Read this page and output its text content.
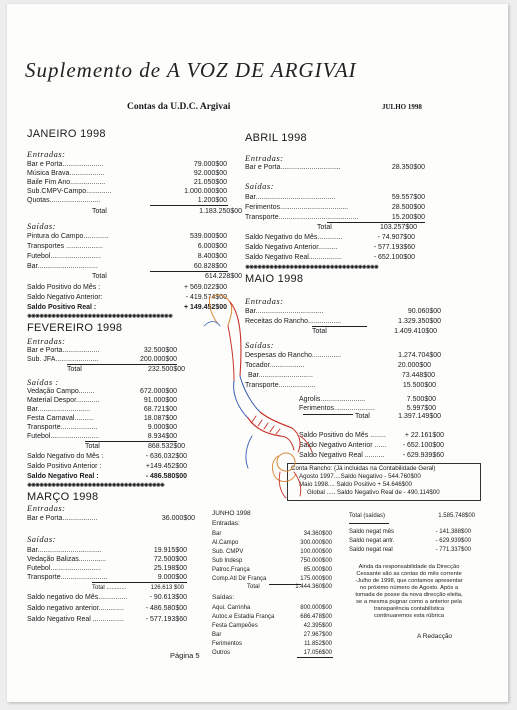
Suplemento de A VOZ DE ARGIVAI
Contas da U.D.C. Argivai	JULHO 1998
JANEIRO 1998
Entradas:
Bar e Porta.....................	79.000$00
Música Brava..................	92.000$00
Baile Fim Ano..................	21.050$00
Sub.CMPV-Campo.............	1.000.000$00
Quotas..........................	1.200$00
Total	1.183.250$00
Saídas:
Pintura do Campo.............	539.000$00
Transportes ...................	6.000$00
Futebol..........................	8.400$00
Bar...............................	60.828$00
Total	614.228$00
Saldo Positivo do Mês :	+ 569.022$00
Saldo Negativo Anterior:	- 419.574$00
Saldo Positivo Real :	+ 149.452$00
✺✺✺✺✺✺✺✺✺✺✺✺✺✺✺✺✺✺✺✺✺✺✺✺✺✺✺✺✺✺✺✺✺✺✺✺
FEVEREIRO 1998
Entradas:
Bar e Porta...................	32.500$00
Sub. JFA......................	200.000$00
Total	232.500$00
Saídas :
Vedação Campo........	672.000$00
Material Despor............	91.000$00
Bar...........................	68.721$00
Festa Carnaval..........	18.087$00
Transporte...................	9.000$00
Futebol.........................	8.934$00
Total	868.532$00
Saldo Negativo do Mês :	- 636.032$00
Saldo Positivo Anterior :	+149.452$00
Saldo Negativo Real :	- 486.580$00
✺✺✺✺✺✺✺✺✺✺✺✺✺✺✺✺✺✺✺✺✺✺✺✺✺✺✺✺✺✺✺✺✺✺
MARÇO 1998
Entradas:
Bar e Porta..................	36.000$00
Saídas:
Bar.................................	19.915$00
Vedação Balizas..............	72.500$00
Futebol..........................	25.198$00
Transporte........................	9.000$00
Total ............	126.613 $00
Saldo negativo do Mês...............	- 90.613$00
Saldo negativo anterior.............	- 486.580$00
Saldo Negativo Real ................	- 577.193$60
ABRIL 1998
Entradas:
Bar e Porta...............................	28.350$00
Saídas:
Bar.........................................	59.557$00
Ferimentos...................................	28.500$00
Transporte.........................................	15.200$00
Total	103.257$00
Saldo Negativo do Mês.............	- 74.907$00
Saldo Negativo Anterior..........	- 577.193$60
Saldo Negativo Real.................	- 652.100$00
✺✺✺✺✺✺✺✺✺✺✺✺✺✺✺✺✺✺✺✺✺✺✺✺✺✺✺✺✺✺✺✺✺
MAIO 1998
Entradas:
Bar...................................	90.060$00
Receitas do Rancho.................	1.329.350$00
Total	1.409.410$00
Saídas:
Despesas do Rancho...............	1.274.704$00
Tocador..................	20.000$00
Bar............................	73.448$00
Transporte...................	15.500$00
Agrolis.......................	7.500$00
Ferimentos.....................	5.997$00
Total	1.397.149$00
Saldo Positivo do Mês ........	+ 22.161$00
Saldo Negativo Anterior ...... - 652.100$00
Saldo Negativo Real ..........	- 629.939$60
Conta Rancho: (Já incluidas na Contabilidade Geral)
Agosto 1997....Saldo Negativo - 544.760$00
Maio 1998.... Saldo Positivo + 54.646$00
Global ..... Saldo Negativo Real de - 490.114$00
JUNHO 1998
Entradas:
Bar	34.360$00
Al.Campo	300.000$00
Sub. CMPV	100.000$00
Sub Indesp	750.000$00
Patroc.França	85.000$00
Comp.Atl Dir França	175.000$00
Total	1.444.360$00
Saídas:
Aqui. Carrinha	800.000$00
Autoc.e Estadia França	686.478$00
Festa Campeões	42.395$00
Bar	27.967$00
Ferimentos	11.852$00
Outros	17.056$00
Total (saídas)	1.585.748$00
Saldo negat mês	- 141.388$00
Saldo negat antr.	- 629.939$00
Saldo negat real	- 771.337$00
Ainda da responsabilidade da Direcção Cessante são as contas do mês corrente -Julho de 1998, que contamos apresentar no próximo número de Agosto. Após a tomada de posse da nova direcção eleita, se a mesma pugnar como a anterior pela transparência contabilística continuaremos esta rúbrica
A Redacção
Página 5
